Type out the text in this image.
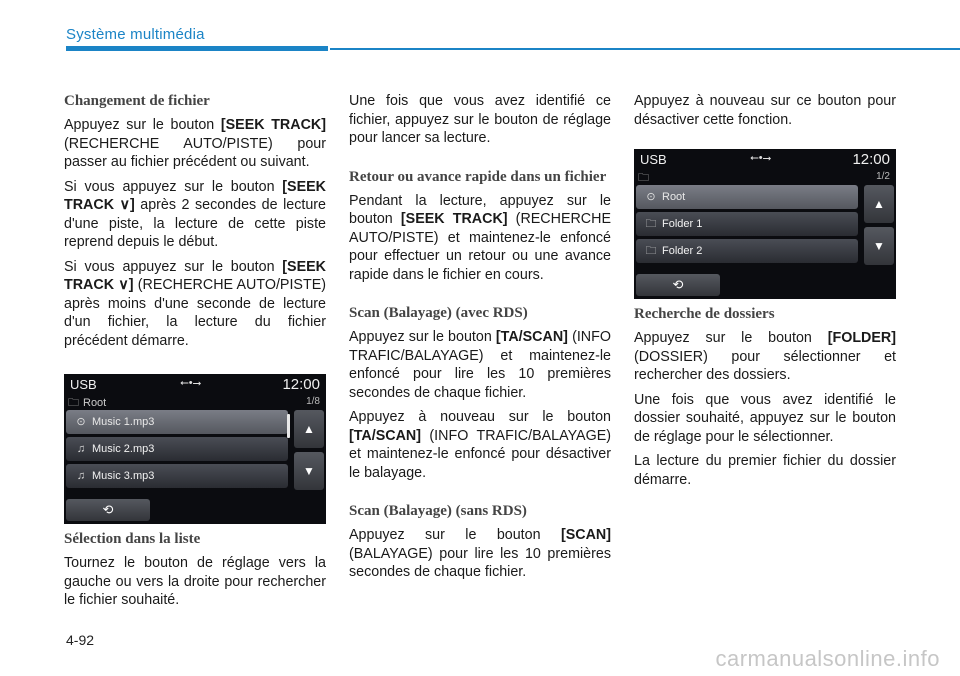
Système multimédia
Changement de fichier

Appuyez sur le bouton [SEEK TRACK] (RECHERCHE AUTO/PISTE) pour passer au fichier précédent ou suivant.

Si vous appuyez sur le bouton [SEEK TRACK ∨] après 2 secondes de lecture d'une piste, la lecture de cette piste reprend depuis le début.

Si vous appuyez sur le bouton [SEEK TRACK ∨] (RECHERCHE AUTO/PISTE) après moins d'une seconde de lecture d'un fichier, la lecture du fichier précédent démarre.

USB	⭠•⭢	12:00
🗀 Root	1/8
⊙ Music 1.mp3
♫ Music 2.mp3
♫ Music 3.mp3
▲
▼
⟲
Sélection dans la liste

Tournez le bouton de réglage vers la gauche ou vers la droite pour rechercher le fichier souhaité.

Une fois que vous avez identifié ce fichier, appuyez sur le bouton de réglage pour lancer sa lecture.

Retour ou avance rapide dans un fichier

Pendant la lecture, appuyez sur le bouton [SEEK TRACK] (RECHERCHE AUTO/PISTE) et maintenez-le enfoncé pour effectuer un retour ou une avance rapide dans le fichier en cours.

Scan (Balayage) (avec RDS)

Appuyez sur le bouton [TA/SCAN] (INFO TRAFIC/BALAYAGE) et maintenez-le enfoncé pour lire les 10 premières secondes de chaque fichier.

Appuyez à nouveau sur le bouton [TA/SCAN] (INFO TRAFIC/BALAYAGE) et maintenez-le enfoncé pour désactiver le balayage.

Scan (Balayage) (sans RDS)

Appuyez sur le bouton [SCAN] (BALAYAGE) pour lire les 10 premières secondes de chaque fichier.

Appuyez à nouveau sur ce bouton pour désactiver cette fonction.

USB	⭠•⭢	12:00
🗀	1/2
⊙ Root
🗀 Folder 1
🗀 Folder 2
▲
▼
⟲
Recherche de dossiers

Appuyez sur le bouton [FOLDER] (DOSSIER) pour sélectionner et rechercher des dossiers.

Une fois que vous avez identifié le dossier souhaité, appuyez sur le bouton de réglage pour le sélectionner.

La lecture du premier fichier du dossier démarre.

4-92
carmanualsonline.info
